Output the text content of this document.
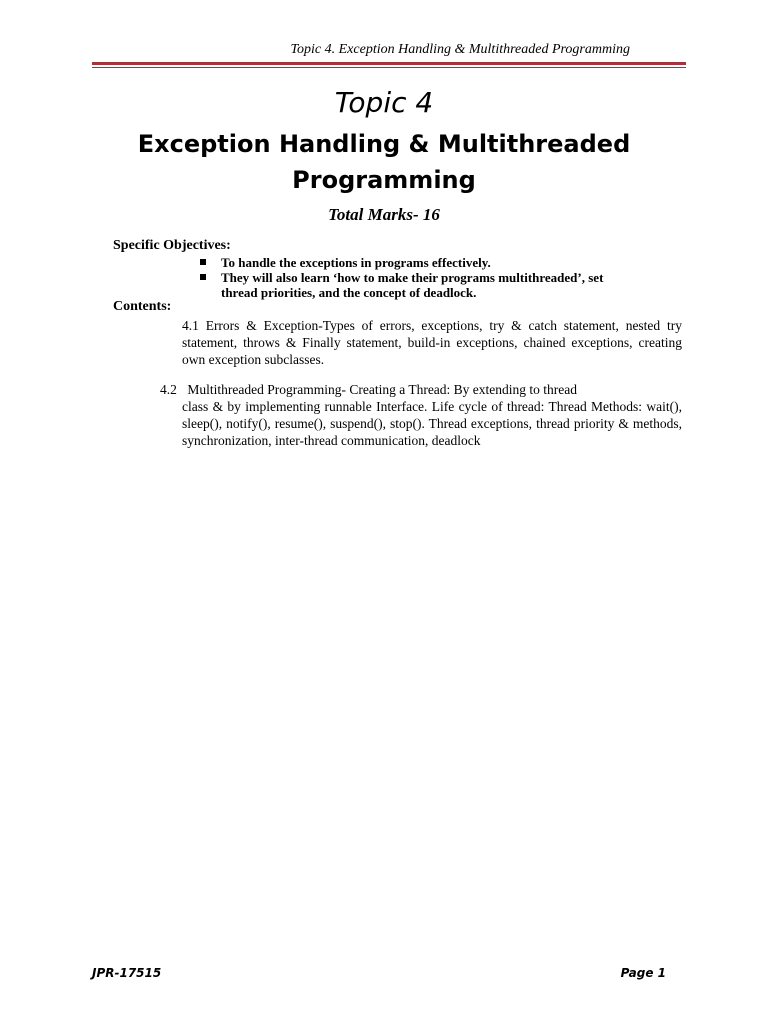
Topic 4. Exception Handling & Multithreaded Programming
Topic 4
Exception Handling & Multithreaded
Programming
Total Marks- 16
Specific Objectives:
To handle the exceptions in programs effectively.
They will also learn ‘how to make their programs multithreaded’, set thread priorities, and the concept of deadlock.
Contents:
4.1 Errors & Exception-Types of errors, exceptions, try & catch statement, nested try statement, throws & Finally statement, build-in exceptions, chained exceptions, creating own exception subclasses.
4.2 Multithreaded Programming- Creating a Thread: By extending to thread
class & by implementing runnable Interface. Life cycle of thread: Thread Methods: wait(), sleep(), notify(), resume(), suspend(), stop(). Thread exceptions, thread priority & methods, synchronization, inter-thread communication, deadlock
JPR-17515	Page 1
